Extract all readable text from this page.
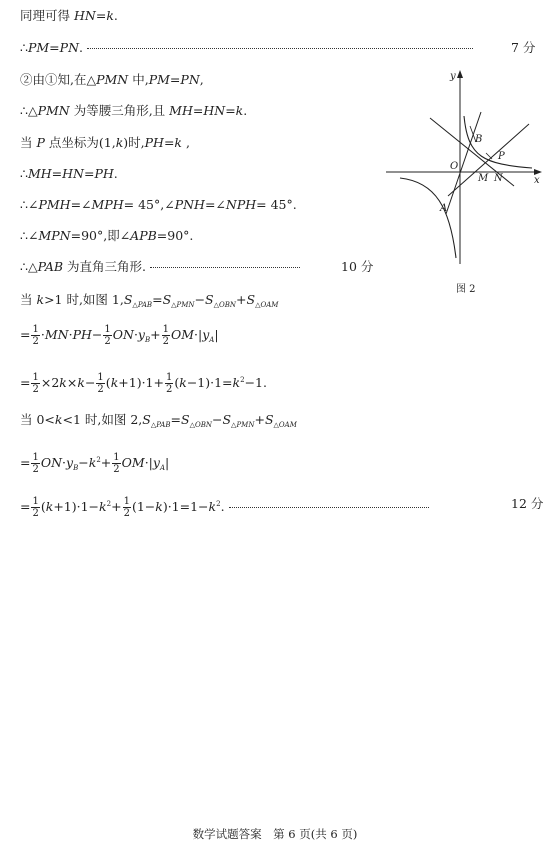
同理可得 HN=k.
∴PM=PN.	7 分
②由①知,在△PMN 中,PM=PN,
∴△PMN 为等腰三角形,且 MH=HN=k.
当 P 点坐标为(1,k)时,PH=k ,
∴MH=HN=PH.
∴∠PMH=∠MPH= 45°,∠PNH=∠NPH= 45°.
∴∠MPN=90°,即∠APB=90°.
∴△PAB 为直角三角形.	10 分
当 k>1 时,如图 $1,S_{\triangle PAB}=S_{\triangle PMN}-S_{\triangle OBN}+S_{\triangle OAM}$
= $\frac{1}{2} \cdot MN\cdot PH- \frac{1}{2} ON\cdot y_B+ \frac{1}{2} OM\cdot|y_A|$
= $\frac{1}{2} \times 2k\times k- \frac{1}{2} (k+1)\cdot 1+ \frac{1}{2} (k-1)\cdot 1=k^2-1$.
当 0<k<1 时,如图 $2,S_{\triangle PAB}=S_{\triangle OBN}-S_{\triangle PMN}+S_{\triangle OAM}$
= $\frac{1}{2} ON\cdot y_B-k^2+ \frac{1}{2} OM\cdot|y_A|$
= $\frac{1}{2} (k+1)\cdot 1-k^2+ \frac{1}{2} (1-k)\cdot 1=1-k^2$.	12 分
y
x
O
B
P
M N
A
图 2
数学试题答案　第 6 页(共 6 页)
